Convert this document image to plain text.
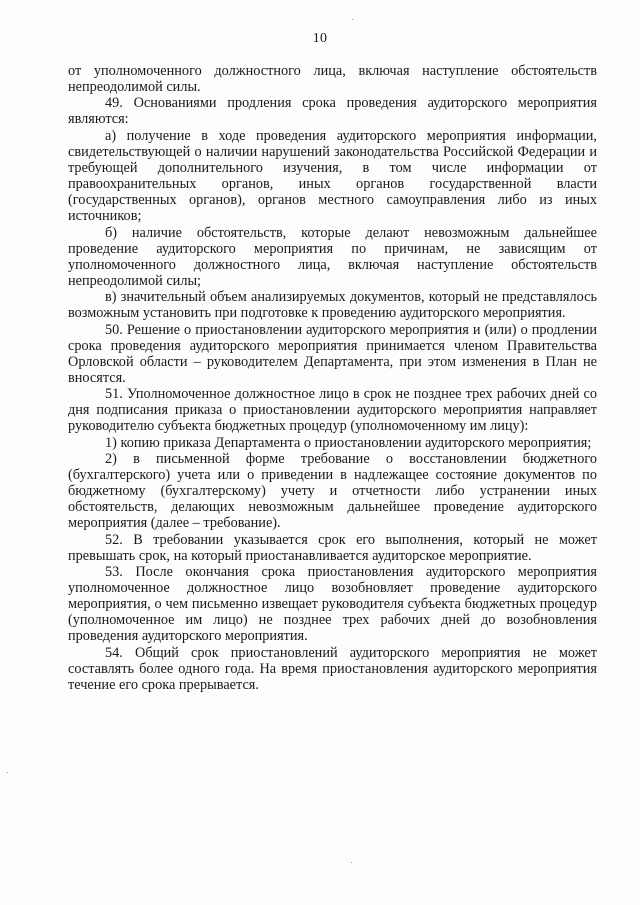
10

от уполномоченного должностного лица, включая наступление обстоятельств непреодолимой силы.

49. Основаниями продления срока проведения аудиторского мероприятия являются:

а) получение в ходе проведения аудиторского мероприятия информации, свидетельствующей о наличии нарушений законодательства Российской Федерации и требующей дополнительного изучения, в том числе информации от правоохранительных органов, иных органов государственной власти (государственных органов), органов местного самоуправления либо из иных источников;

б) наличие обстоятельств, которые делают невозможным дальнейшее проведение аудиторского мероприятия по причинам, не зависящим от уполномоченного должностного лица, включая наступление обстоятельств непреодолимой силы;

в) значительный объем анализируемых документов, который не представлялось возможным установить при подготовке к проведению аудиторского мероприятия.

50. Решение о приостановлении аудиторского мероприятия и (или) о продлении срока проведения аудиторского мероприятия принимается членом Правительства Орловской области – руководителем Департамента, при этом изменения в План не вносятся.

51. Уполномоченное должностное лицо в срок не позднее трех рабочих дней со дня подписания приказа о приостановлении аудиторского мероприятия направляет руководителю субъекта бюджетных процедур (уполномоченному им лицу):

1) копию приказа Департамента о приостановлении аудиторского мероприятия;

2) в письменной форме требование о восстановлении бюджетного (бухгалтерского) учета или о приведении в надлежащее состояние документов по бюджетному (бухгалтерскому) учету и отчетности либо устранении иных обстоятельств, делающих невозможным дальнейшее проведение аудиторского мероприятия (далее – требование).

52. В требовании указывается срок его выполнения, который не может превышать срок, на который приостанавливается аудиторское мероприятие.

53. После окончания срока приостановления аудиторского мероприятия уполномоченное должностное лицо возобновляет проведение аудиторского мероприятия, о чем письменно извещает руководителя субъекта бюджетных процедур (уполномоченное им лицо) не позднее трех рабочих дней до возобновления проведения аудиторского мероприятия.

54. Общий срок приостановлений аудиторского мероприятия не может составлять более одного года. На время приостановления аудиторского мероприятия течение его срока прерывается.
